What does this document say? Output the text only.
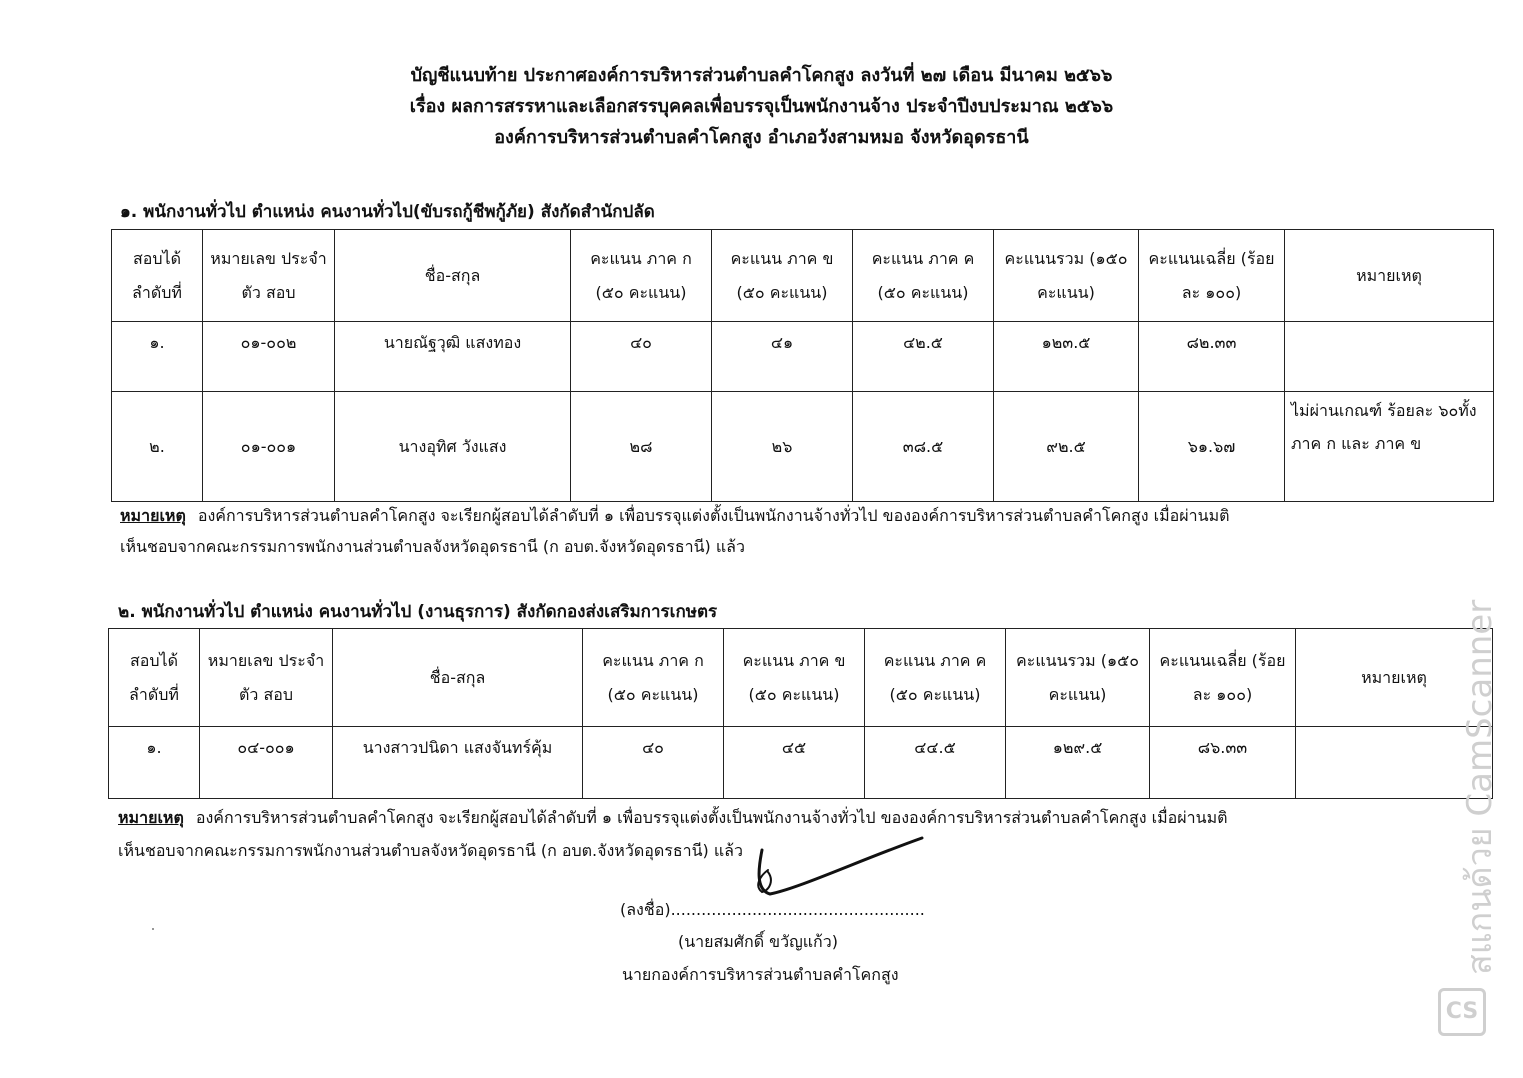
บัญชีแนบท้าย ประกาศองค์การบริหารส่วนตำบลคำโคกสูง ลงวันที่ ๒๗ เดือน มีนาคม ๒๕๖๖
เรื่อง ผลการสรรหาและเลือกสรรบุคคลเพื่อบรรจุเป็นพนักงานจ้าง ประจำปีงบประมาณ ๒๕๖๖
องค์การบริหารส่วนตำบลคำโคกสูง อำเภอวังสามหมอ จังหวัดอุดรธานี
๑. พนักงานทั่วไป ตำแหน่ง คนงานทั่วไป(ขับรถกู้ชีพกู้ภัย) สังกัดสำนักปลัด
สอบได้ ลำดับที่	หมายเลข ประจำตัว สอบ	ชื่อ-สกุล	คะแนน ภาค ก (๕๐ คะแนน)	คะแนน ภาค ข (๕๐ คะแนน)	คะแนน ภาค ค (๕๐ คะแนน)	คะแนนรวม (๑๕๐ คะแนน)	คะแนนเฉลี่ย (ร้อยละ ๑๐๐)	หมายเหตุ
๑.	๐๑-๐๐๒	นายณัฐวุฒิ แสงทอง	๔๐	๔๑	๔๒.๕	๑๒๓.๕	๘๒.๓๓	
๒.	๐๑-๐๐๑	นางอุทิศ วังแสง	๒๘	๒๖	๓๘.๕	๙๒.๕	๖๑.๖๗	ไม่ผ่านเกณฑ์ ร้อยละ ๖๐ทั้งภาค ก และ ภาค ข
หมายเหตุ องค์การบริหารส่วนตำบลคำโคกสูง จะเรียกผู้สอบได้ลำดับที่ ๑ เพื่อบรรจุแต่งตั้งเป็นพนักงานจ้างทั่วไป ขององค์การบริหารส่วนตำบลคำโคกสูง เมื่อผ่านมติ
เห็นชอบจากคณะกรรมการพนักงานส่วนตำบลจังหวัดอุดรธานี (ก อบต.จังหวัดอุดรธานี) แล้ว
๒. พนักงานทั่วไป ตำแหน่ง คนงานทั่วไป (งานธุรการ) สังกัดกองส่งเสริมการเกษตร
สอบได้ ลำดับที่	หมายเลข ประจำตัว สอบ	ชื่อ-สกุล	คะแนน ภาค ก (๕๐ คะแนน)	คะแนน ภาค ข (๕๐ คะแนน)	คะแนน ภาค ค (๕๐ คะแนน)	คะแนนรวม (๑๕๐ คะแนน)	คะแนนเฉลี่ย (ร้อยละ ๑๐๐)	หมายเหตุ
๑.	๐๔-๐๐๑	นางสาวปนิดา แสงจันทร์คุ้ม	๔๐	๔๕	๔๔.๕	๑๒๙.๕	๘๖.๓๓	
หมายเหตุ องค์การบริหารส่วนตำบลคำโคกสูง จะเรียกผู้สอบได้ลำดับที่ ๑ เพื่อบรรจุแต่งตั้งเป็นพนักงานจ้างทั่วไป ขององค์การบริหารส่วนตำบลคำโคกสูง เมื่อผ่านมติ
เห็นชอบจากคณะกรรมการพนักงานส่วนตำบลจังหวัดอุดรธานี (ก อบต.จังหวัดอุดรธานี) แล้ว
(ลงชื่อ)..................................................
(นายสมศักดิ์ ขวัญแก้ว)
นายกองค์การบริหารส่วนตำบลคำโคกสูง	สแกนด้วย CamScanner
CS
